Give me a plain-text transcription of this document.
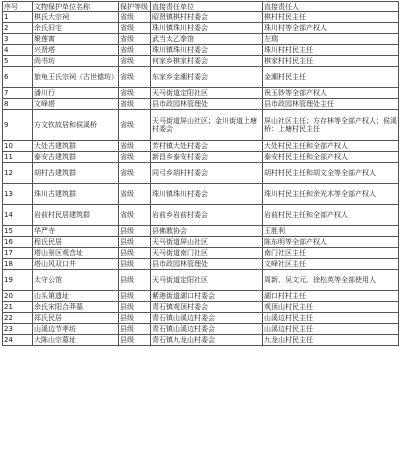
序号	文物保护单位名称	保护等级	直接责任单位	直接责任人
1	棋氏大宗祠	省级	昭贤镇棋村村委会	棋村村民主任
2	余氏旧宅	省级	珠川镇珠川村委会	珠川村等全部产权人
3	聚莲寓	省级	武当太乙拳馆	左瑞
4	兴贤塔	省级	珠川镇珠川村委会	珠川村村民主任
5	尚书坊	省级	何家乡棋家村委会	棋家村村民主任
6	旅龟王氏宗祠（古世德坊）	省级	东家乡金潮村委会	金潮村民主任
7	潘川行	省级	天马街道定阳社区	祝玉钞等全部产权人
8	文峰塔	省级	县市政园林管理处	县市政园林管理处主任
9	方文钦故居和侯溪桥	省级	天马街道屏山社区；金川街道上塘村委会	屏山社区主任；方存林等全部产权人；侯溪桥：上塘村民主任
10	大处古建筑群	省级	芳村镇大处村委会	大处村民主任和全部产权人
11	泰安古建筑群	省级	新昌乡泰安村委会	泰安村民主任和全部产权人
12	胡村古建筑群	省级	同弓乡胡村村委会	胡村村民主任和胡文全等全部产权人
13	珠川古建筑群	省级	珠川镇珠川村委会	珠川村民主任和余光木等全部产权人
14	岩前村民居建筑群	省级	岩前乡岩前村委会	岩前村民主任和全部产权人
15	华严寺	县级	县佛教协会	王胜利
16	程氏民居	县级	天马街道屏山社区	陈东明等全部产权人
17	塔山景区观音址	县级	天马街道南门社区	南门社区主任
18	塔山风双口井	县级	县市政园林管理处	文峰社区主任
19	太守公馆	县级	天马街道定阳社区	周新、吴文元、徐松英等全部使用人
20	山头第遗址	县级	紫港街道湖口村委会	湖口村村主任
21	余氏宋阳合莽墓	县级	青石镇观顶村委会	观顶山村民主任
22	郑氏民居	县级	青石镇山溪边村委会	山溪边村民主任
23	山溪边节孝坊	县级	青石镇山溪边村委会	山溪边村民主任
24	大陈山宗墓址	县级	青石镇九龙山村委会	九龙山村民主任
